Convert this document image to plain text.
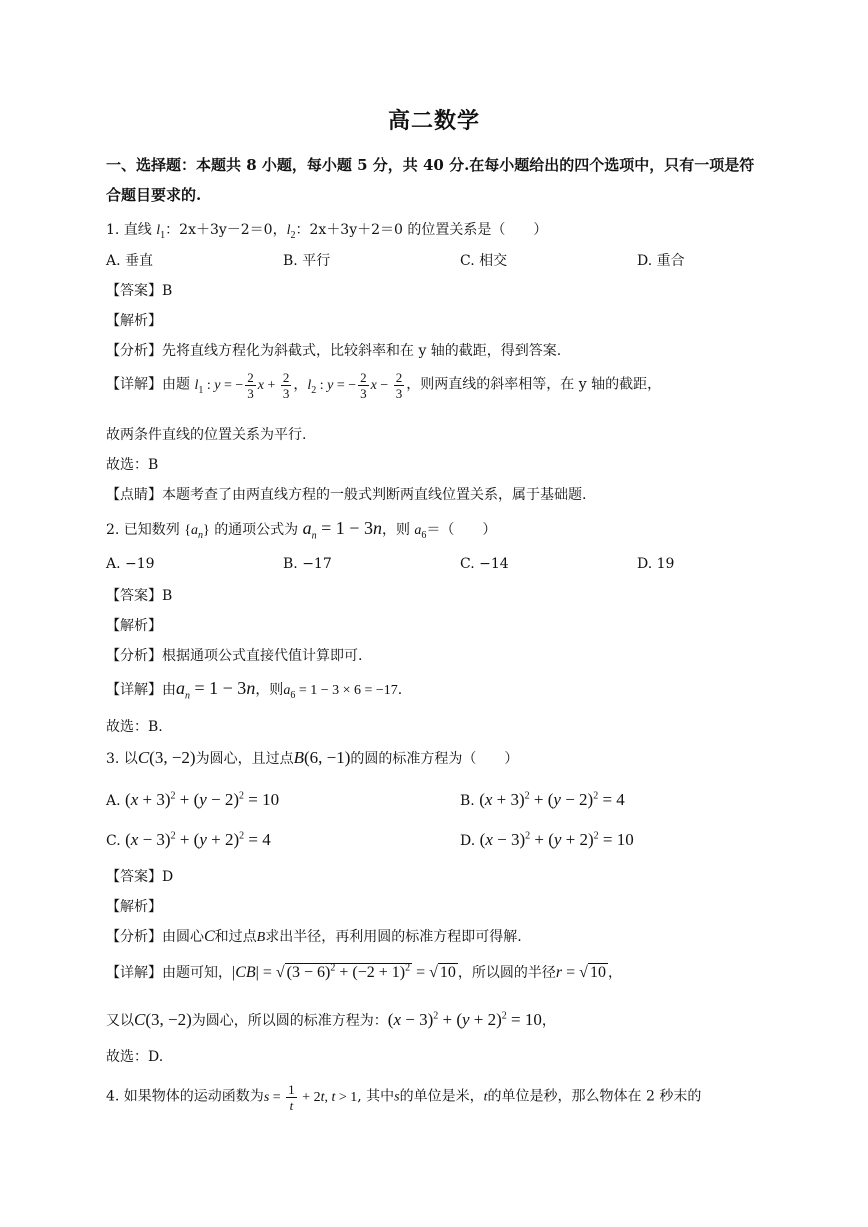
高二数学
一、选择题：本题共 8 小题，每小题 5 分，共 40 分.在每小题给出的四个选项中，只有一项是符合题目要求的.
1. 直线 $l_1$：2x＋3y－2＝0，$l_2$：2x＋3y＋2＝0 的位置关系是（　　）
A. 垂直	B. 平行	C. 相交	D. 重合
【答案】B
【解析】
【分析】先将直线方程化为斜截式，比较斜率和在 y 轴的截距，得到答案.
【详解】由题 $l_1$ : y = − $\frac{2}{3}$ $x + \frac{2}{3}$ ，$l_2$ : y = − $\frac{2}{3}$ $x - \frac{2}{3}$ ，则两直线的斜率相等，在 y 轴的截距，
故两条件直线的位置关系为平行.
故选：B
【点睛】本题考查了由两直线方程的一般式判断两直线位置关系，属于基础题.
2. 已知数列 $\{a_n\}$ 的通项公式为 $a_n = 1 - 3n$，则 $a_6=$（　　）
A. −19	B. −17	C. −14	D. 19
【答案】B
【解析】
【分析】根据通项公式直接代值计算即可.
【详解】由$a_n = 1 - 3n$，则$a_6 = 1 - 3 \times 6 = -17$.
故选：B.
3. 以C(3, −2)为圆心，且过点B(6, −1)的圆的标准方程为（　　）
A. $(x + 3)^2 + (y - 2)^2 = 10$	B. $(x + 3)^2 + (y - 2)^2 = 4$
C. $(x - 3)^2 + (y + 2)^2 = 4$	D. $(x - 3)^2 + (y + 2)^2 = 10$
【答案】D
【解析】
【分析】由圆心C和过点B求出半径，再利用圆的标准方程即可得解.
【详解】由题可知，|CB| = √ $(3 - 6)^2 + (-2 + 1)^2$ = √ 10 ，所以圆的半径r = √ 10 ，
又以C(3, −2)为圆心，所以圆的标准方程为：$(x - 3)^2 + (y + 2)^2 = 10$，
故选：D.
4. 如果物体的运动函数为$s = \frac{1}{t} + 2t$, t > 1, 其中s的单位是米，t的单位是秒，那么物体在 2 秒末的
